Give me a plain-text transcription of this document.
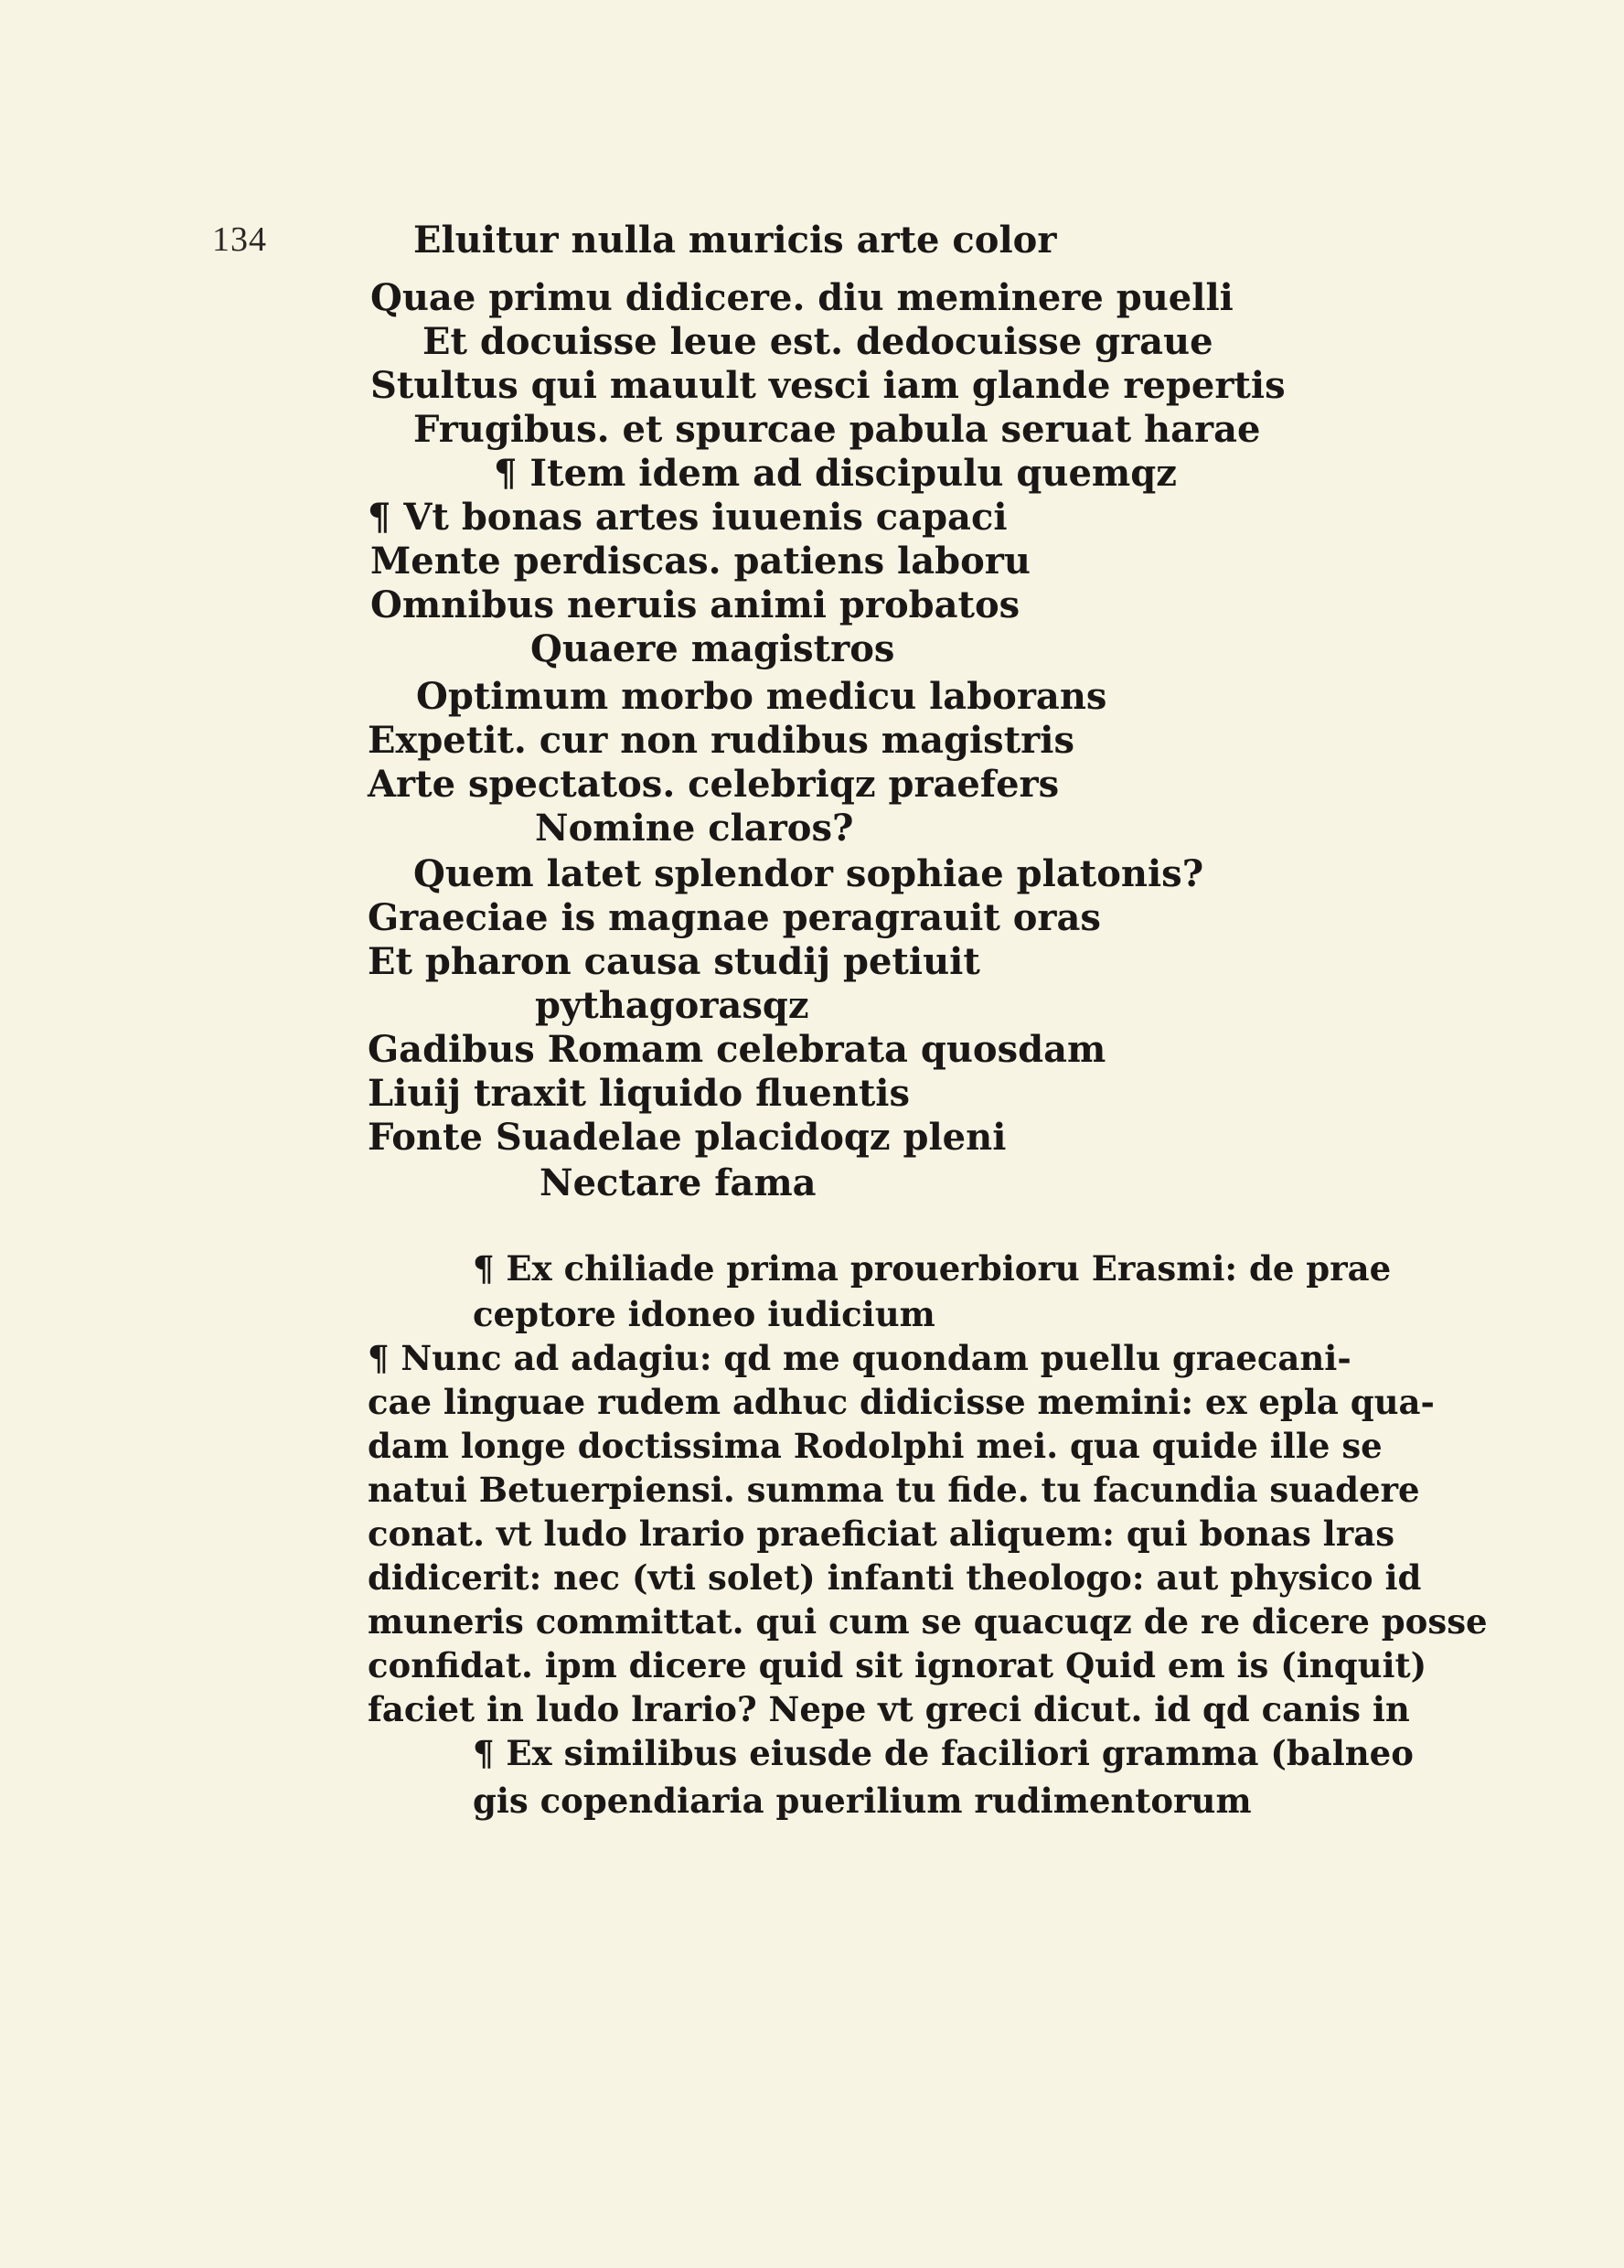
134	Eluitur nulla muricis arte color
Quae primu didicere. diu meminere puelli
Et docuisse leue est. dedocuisse graue
Stultus qui mauult vesci iam glande repertis
Frugibus. et spurcae pabula seruat harae
¶ Item idem ad discipulu quemqz
¶ Vt bonas artes iuuenis capaci
Mente perdiscas. patiens laboru
Omnibus neruis animi probatos
Quaere magistros
Optimum morbo medicu laborans
Expetit. cur non rudibus magistris
Arte spectatos. celebriqz praefers
Nomine claros?
Quem latet splendor sophiae platonis?
Graeciae is magnae peragrauit oras
Et pharon causa studij petiuit
pythagorasqz
Gadibus Romam celebrata quosdam
Liuij traxit liquido fluentis
Fonte Suadelae placidoqz pleni
Nectare fama
¶ Ex chiliade prima prouerbioru Erasmi: de prae
ceptore idoneo iudicium
¶ Nunc ad adagiu: qd me quondam puellu graecani-
cae linguae rudem adhuc didicisse memini: ex epla qua-
dam longe doctissima Rodolphi mei. qua quide ille se
natui Betuerpiensi. summa tu fide. tu facundia suadere
conat. vt ludo lrario praeficiat aliquem: qui bonas lras
didicerit: nec (vti solet) infanti theologo: aut physico id
muneris committat. qui cum se quacuqz de re dicere posse
confidat. ipm dicere quid sit ignorat Quid em is (inquit)
faciet in ludo lrario? Nepe vt greci dicut. id qd canis in
¶ Ex similibus eiusde de faciliori gramma (balneo
gis copendiaria puerilium rudimentorum
